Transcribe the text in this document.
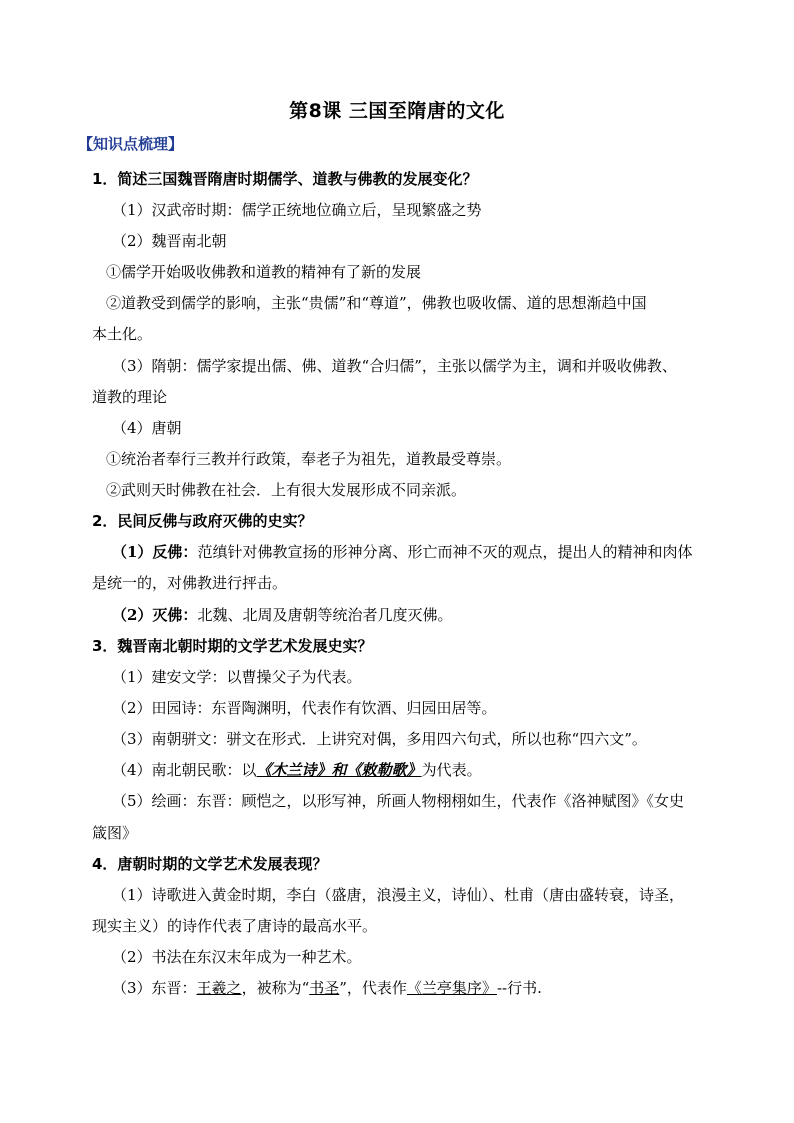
第8课 三国至隋唐的文化
【知识点梳理】
1．简述三国魏晋隋唐时期儒学、道教与佛教的发展变化？
（1）汉武帝时期：儒学正统地位确立后，呈现繁盛之势
（2）魏晋南北朝
①儒学开始吸收佛教和道教的精神有了新的发展
②道教受到儒学的影响，主张“贵儒”和“尊道”，佛教也吸收儒、道的思想渐趋中国
本土化。
（3）隋朝：儒学家提出儒、佛、道教“合归儒”，主张以儒学为主，调和并吸收佛教、
道教的理论
（4）唐朝
①统治者奉行三教并行政策，奉老子为祖先，道教最受尊崇。
②武则天时佛教在社会．上有很大发展形成不同亲派。
2．民间反佛与政府灭佛的史实？
（1）反佛：范缜针对佛教宣扬的形神分离、形亡而神不灭的观点，提出人的精神和肉体
是统一的，对佛教进行抨击。
（2）灭佛：北魏、北周及唐朝等统治者几度灭佛。
3．魏晋南北朝时期的文学艺术发展史实？
（1）建安文学：以曹操父子为代表。
（2）田园诗：东晋陶渊明，代表作有饮酒、归园田居等。
（3）南朝骈文：骈文在形式．上讲究对偶，多用四六句式，所以也称“四六文”。
（4）南北朝民歌：以《木兰诗》和《敕勒歌》为代表。
（5）绘画：东晋：顾恺之，以形写神，所画人物栩栩如生，代表作《洛神赋图》《女史
箴图》
4．唐朝时期的文学艺术发展表现？
（1）诗歌进入黄金时期，李白（盛唐，浪漫主义，诗仙）、杜甫（唐由盛转衰，诗圣，
现实主义）的诗作代表了唐诗的最高水平。
（2）书法在东汉末年成为一种艺术。
（3）东晋：王羲之，被称为“书圣”，代表作《兰亭集序》--行书.
